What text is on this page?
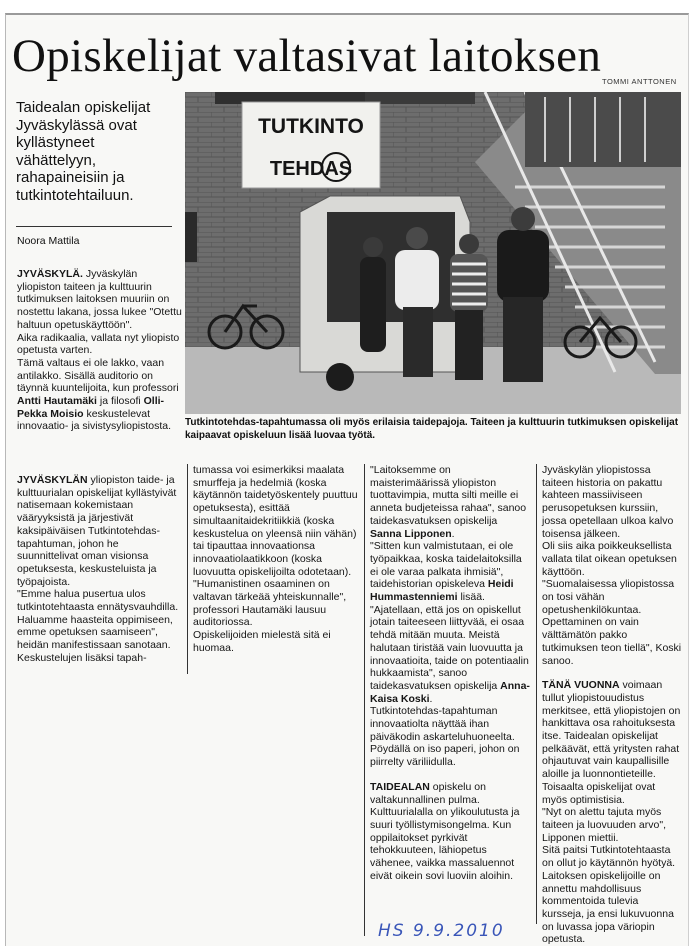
Opiskelijat valtasivat laitoksen TOMMI ANTTONEN

Taidealan opiskelijat Jyväskylässä ovat kyllästyneet vähättelyyn, rahapaineisiin ja tutkintotehtailuun.

Noora Mattila
TUTKINTO
TEHDAS

Tutkintotehdas-tapahtumassa oli myös erilaisia taidepajoja. Taiteen ja kulttuurin tutkimuksen opiskelijat kaipaavat opiskeluun lisää luovaa työtä.

JYVÄSKYLÄ. Jyväskylän yliopiston taiteen ja kulttuurin tutkimuksen laitoksen muuriin on nostettu lakana, jossa lukee "Otettu haltuun opetuskäyttöön".

Aika radikaalia, vallata nyt yliopisto opetusta varten.

Tämä valtaus ei ole lakko, vaan antilakko. Sisällä auditorio on täynnä kuuntelijoita, kun professori Antti Hautamäki ja filosofi Olli-Pekka Moisio keskustelevat innovaatio- ja sivistysyliopistosta.

JYVÄSKYLÄN yliopiston taide- ja kulttuurialan opiskelijat kyllästyivät natisemaan kokemistaan vääryyksistä ja järjestivät kaksipäiväisen Tutkintotehdas-tapahtuman, johon he suunnittelivat oman visionsa opetuksesta, keskusteluista ja työpajoista.

"Emme halua pusertua ulos tutkintotehtaasta ennätysvauhdilla. Haluamme haasteita oppimiseen, emme opetuksen saamiseen", heidän manifestissaan sanotaan.

Keskustelujen lisäksi tapah-

tumassa voi esimerkiksi maalata smurffeja ja hedelmiä (koska käytännön taidetyöskentely puuttuu opetuksesta), esittää simultaanitaidekritiikkiä (koska keskustelua on yleensä niin vähän) tai tipauttaa innovaationsa innovaatiolaatikkoon (koska luovuutta opiskelijoilta odotetaan).

"Humanistinen osaaminen on valtavan tärkeää yhteiskunnalle", professori Hautamäki lausuu auditoriossa.

Opiskelijoiden mielestä sitä ei huomaa.

"Laitoksemme on maisterimäärissä yliopiston tuottavimpia, mutta silti meille ei anneta budjeteissa rahaa", sanoo taidekasvatuksen opiskelija Sanna Lipponen.

"Sitten kun valmistutaan, ei ole työpaikkaa, koska taidelaitoksilla ei ole varaa palkata ihmisiä", taidehistorian opiskeleva Heidi Hummastenniemi lisää.

"Ajatellaan, että jos on opiskellut jotain taiteeseen liittyvää, ei osaa tehdä mitään muuta. Meistä halutaan tiristää vain luovuutta ja innovaatioita, taide on potentiaalin hukkaamista", sanoo taidekasvatuksen opiskelija Anna-Kaisa Koski.

Tutkintotehdas-tapahtuman innovaatiolta näyttää ihan päiväkodin askarteluhuoneelta. Pöydällä on iso paperi, johon on piirrelty väriliidulla.

TAIDEALAN opiskelu on valtakunnallinen pulma. Kulttuurialalla on ylikoulutusta ja suuri työllistymisongelma. Kun oppilaitokset pyrkivät tehokkuuteen, lähiopetus vähenee, vaikka massaluennot eivät oikein sovi luoviin aloihin.

Jyväskylän yliopistossa taiteen historia on pakattu kahteen massiiviseen perusopetuksen kurssiin, jossa opetellaan ulkoa kalvo toisensa jälkeen.

Oli siis aika poikkeuksellista vallata tilat oikean opetuksen käyttöön.

"Suomalaisessa yliopistossa on tosi vähän opetushenkilökuntaa. Opettaminen on vain välttämätön pakko tutkimuksen teon tiellä", Koski sanoo.

TÄNÄ VUONNA voimaan tullut yliopistouudistus merkitsee, että yliopistojen on hankittava osa rahoituksesta itse. Taidealan opiskelijat pelkäävät, että yritysten rahat ohjautuvat vain kaupallisille aloille ja luonnontieteille.

Toisaalta opiskelijat ovat myös optimistisia.

"Nyt on alettu tajuta myös taiteen ja luovuuden arvo", Lipponen miettii.

Sitä paitsi Tutkintotehtaasta on ollut jo käytännön hyötyä. Laitoksen opiskelijoille on annettu mahdollisuus kommentoida tulevia kursseja, ja ensi lukuvuonna on luvassa jopa väriopin opetusta.

HS 9.9.2010
